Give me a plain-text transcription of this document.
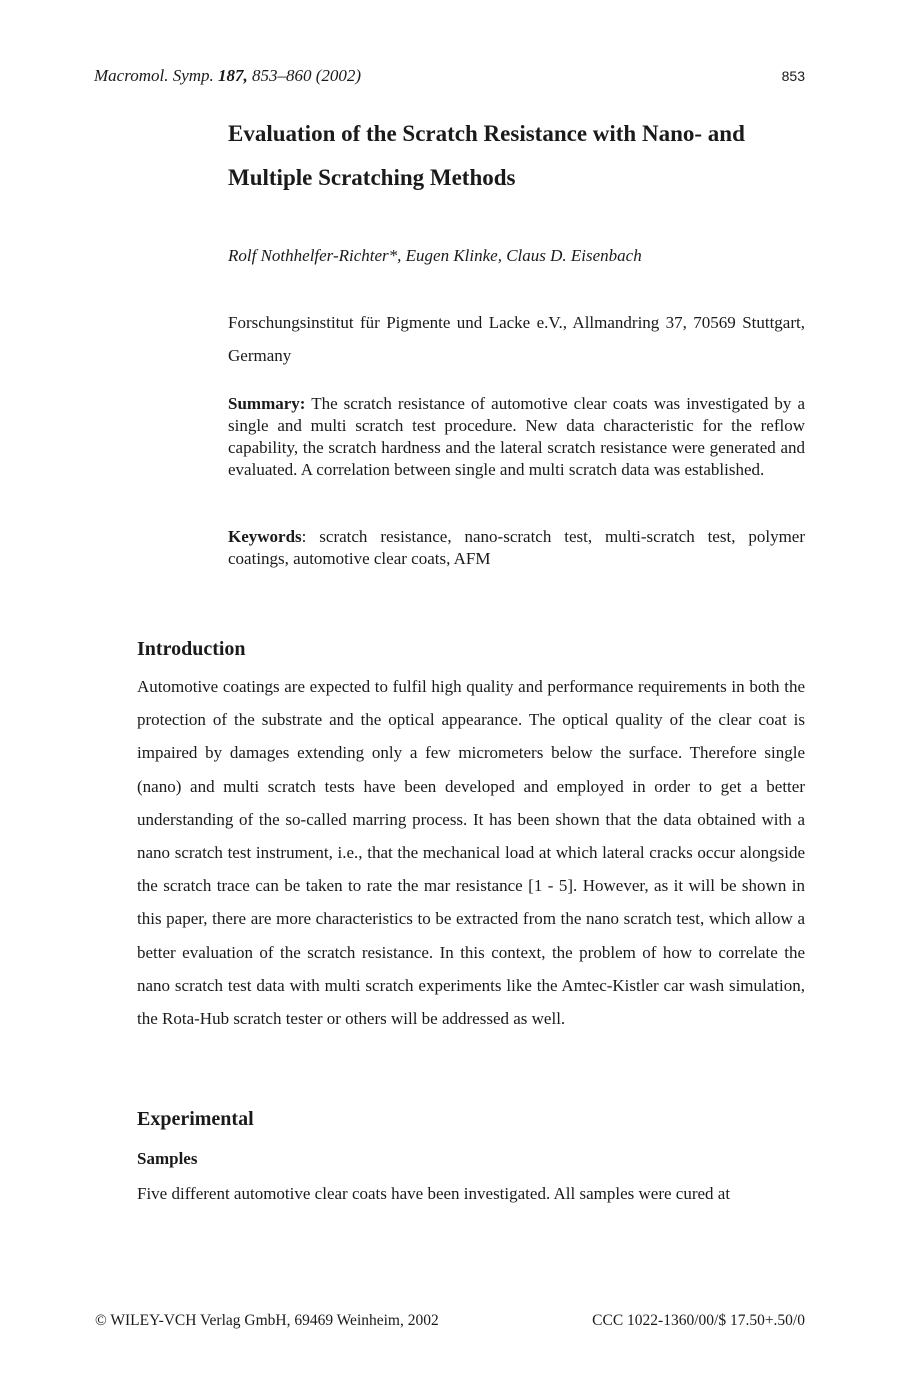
Macromol. Symp. 187, 853–860 (2002)	853
Evaluation of the Scratch Resistance with Nano- and Multiple Scratching Methods
Rolf Nothhelfer-Richter*, Eugen Klinke, Claus D. Eisenbach
Forschungsinstitut für Pigmente und Lacke e.V., Allmandring 37, 70569 Stuttgart, Germany
Summary: The scratch resistance of automotive clear coats was investigated by a single and multi scratch test procedure. New data characteristic for the reflow capability, the scratch hardness and the lateral scratch resistance were generated and evaluated. A correlation between single and multi scratch data was established.
Keywords: scratch resistance, nano-scratch test, multi-scratch test, polymer coatings, automotive clear coats, AFM
Introduction
Automotive coatings are expected to fulfil high quality and performance requirements in both the protection of the substrate and the optical appearance. The optical quality of the clear coat is impaired by damages extending only a few micrometers below the surface. Therefore single (nano) and multi scratch tests have been developed and employed in order to get a better understanding of the so-called marring process. It has been shown that the data obtained with a nano scratch test instrument, i.e., that the mechanical load at which lateral cracks occur alongside the scratch trace can be taken to rate the mar resistance [1 - 5]. However, as it will be shown in this paper, there are more characteristics to be extracted from the nano scratch test, which allow a better evaluation of the scratch resistance. In this context, the problem of how to correlate the nano scratch test data with multi scratch experiments like the Amtec-Kistler car wash simulation, the Rota-Hub scratch tester or others will be addressed as well.
Experimental
Samples
Five different automotive clear coats have been investigated. All samples were cured at
© WILEY-VCH Verlag GmbH, 69469 Weinheim, 2002	CCC 1022-1360/00/$ 17.50+.50/0
